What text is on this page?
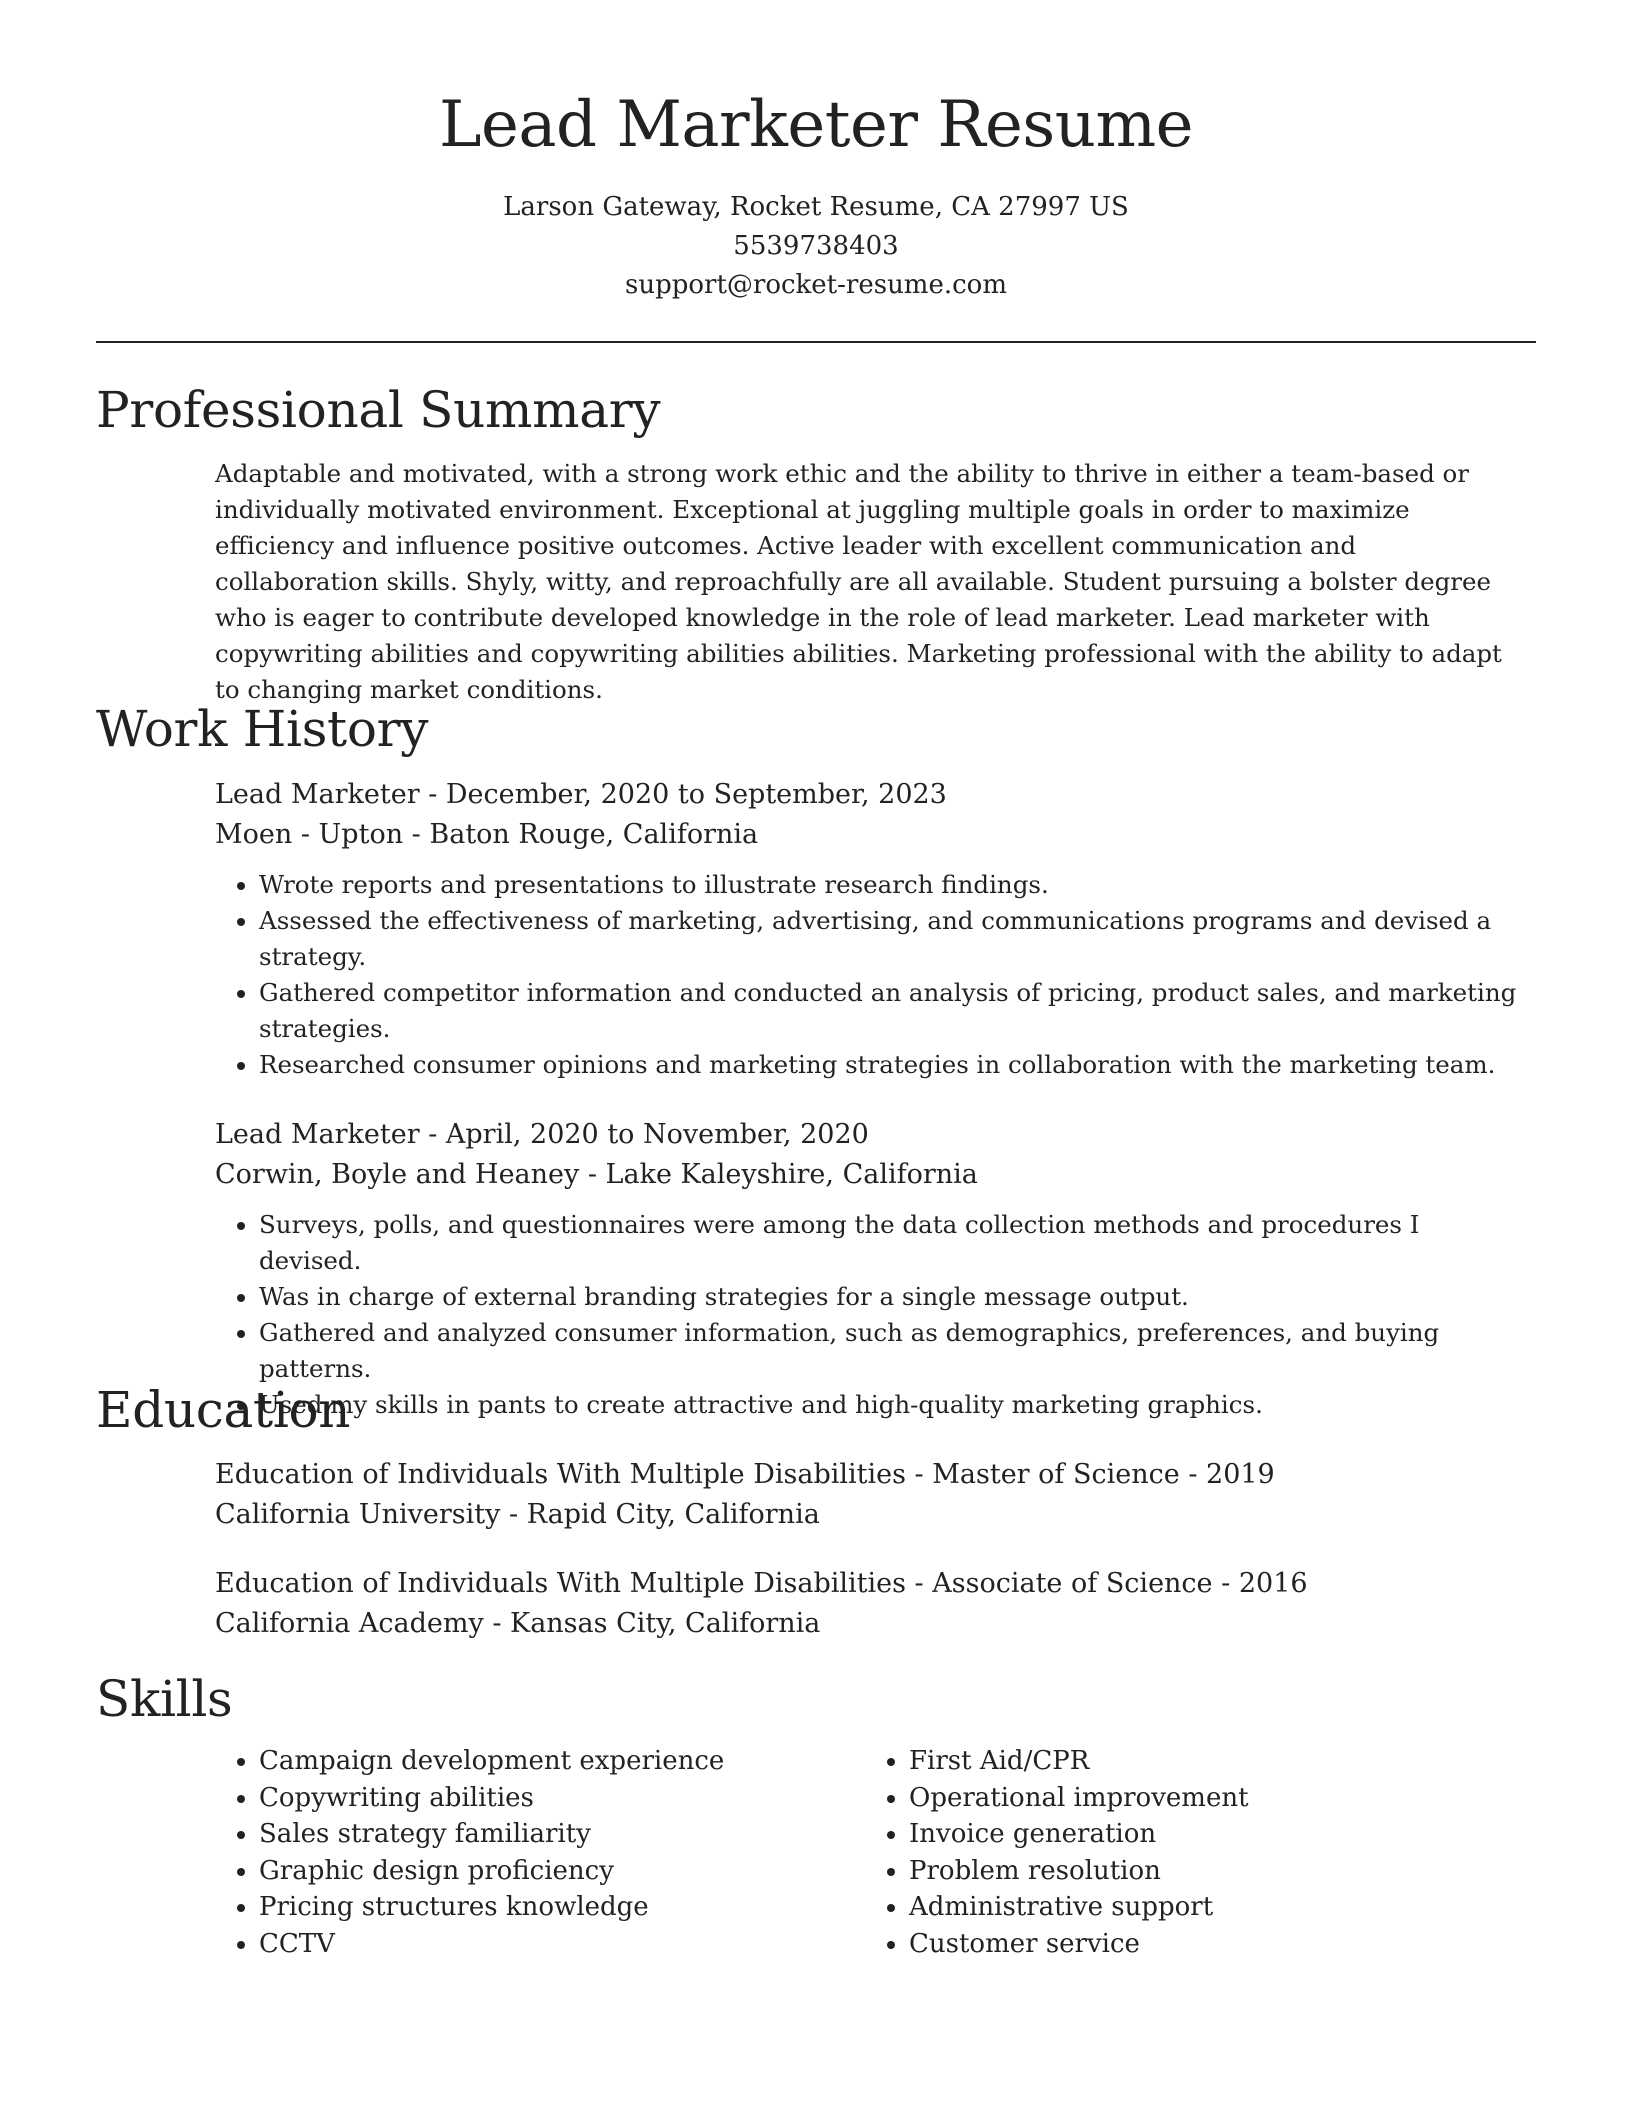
Lead Marketer Resume
Larson Gateway, Rocket Resume, CA 27997 US
5539738403
support@rocket-resume.com
Professional Summary
Adaptable and motivated, with a strong work ethic and the ability to thrive in either a team-based or individually motivated environment. Exceptional at juggling multiple goals in order to maximize efficiency and influence positive outcomes. Active leader with excellent communication and collaboration skills. Shyly, witty, and reproachfully are all available. Student pursuing a bolster degree who is eager to contribute developed knowledge in the role of lead marketer. Lead marketer with copywriting abilities and copywriting abilities abilities. Marketing professional with the ability to adapt to changing market conditions.
Work History
Lead Marketer - December, 2020 to September, 2023
Moen - Upton - Baton Rouge, California
• Wrote reports and presentations to illustrate research findings.
• Assessed the effectiveness of marketing, advertising, and communications programs and devised a strategy.
• Gathered competitor information and conducted an analysis of pricing, product sales, and marketing strategies.
• Researched consumer opinions and marketing strategies in collaboration with the marketing team.
Lead Marketer - April, 2020 to November, 2020
Corwin, Boyle and Heaney - Lake Kaleyshire, California
• Surveys, polls, and questionnaires were among the data collection methods and procedures I devised.
• Was in charge of external branding strategies for a single message output.
• Gathered and analyzed consumer information, such as demographics, preferences, and buying patterns.
• Used my skills in pants to create attractive and high-quality marketing graphics.
Education
Education of Individuals With Multiple Disabilities - Master of Science - 2019
California University - Rapid City, California
Education of Individuals With Multiple Disabilities - Associate of Science - 2016
California Academy - Kansas City, California
Skills
• Campaign development experience
• Copywriting abilities
• Sales strategy familiarity
• Graphic design proficiency
• Pricing structures knowledge
• CCTV
• First Aid/CPR
• Operational improvement
• Invoice generation
• Problem resolution
• Administrative support
• Customer service
